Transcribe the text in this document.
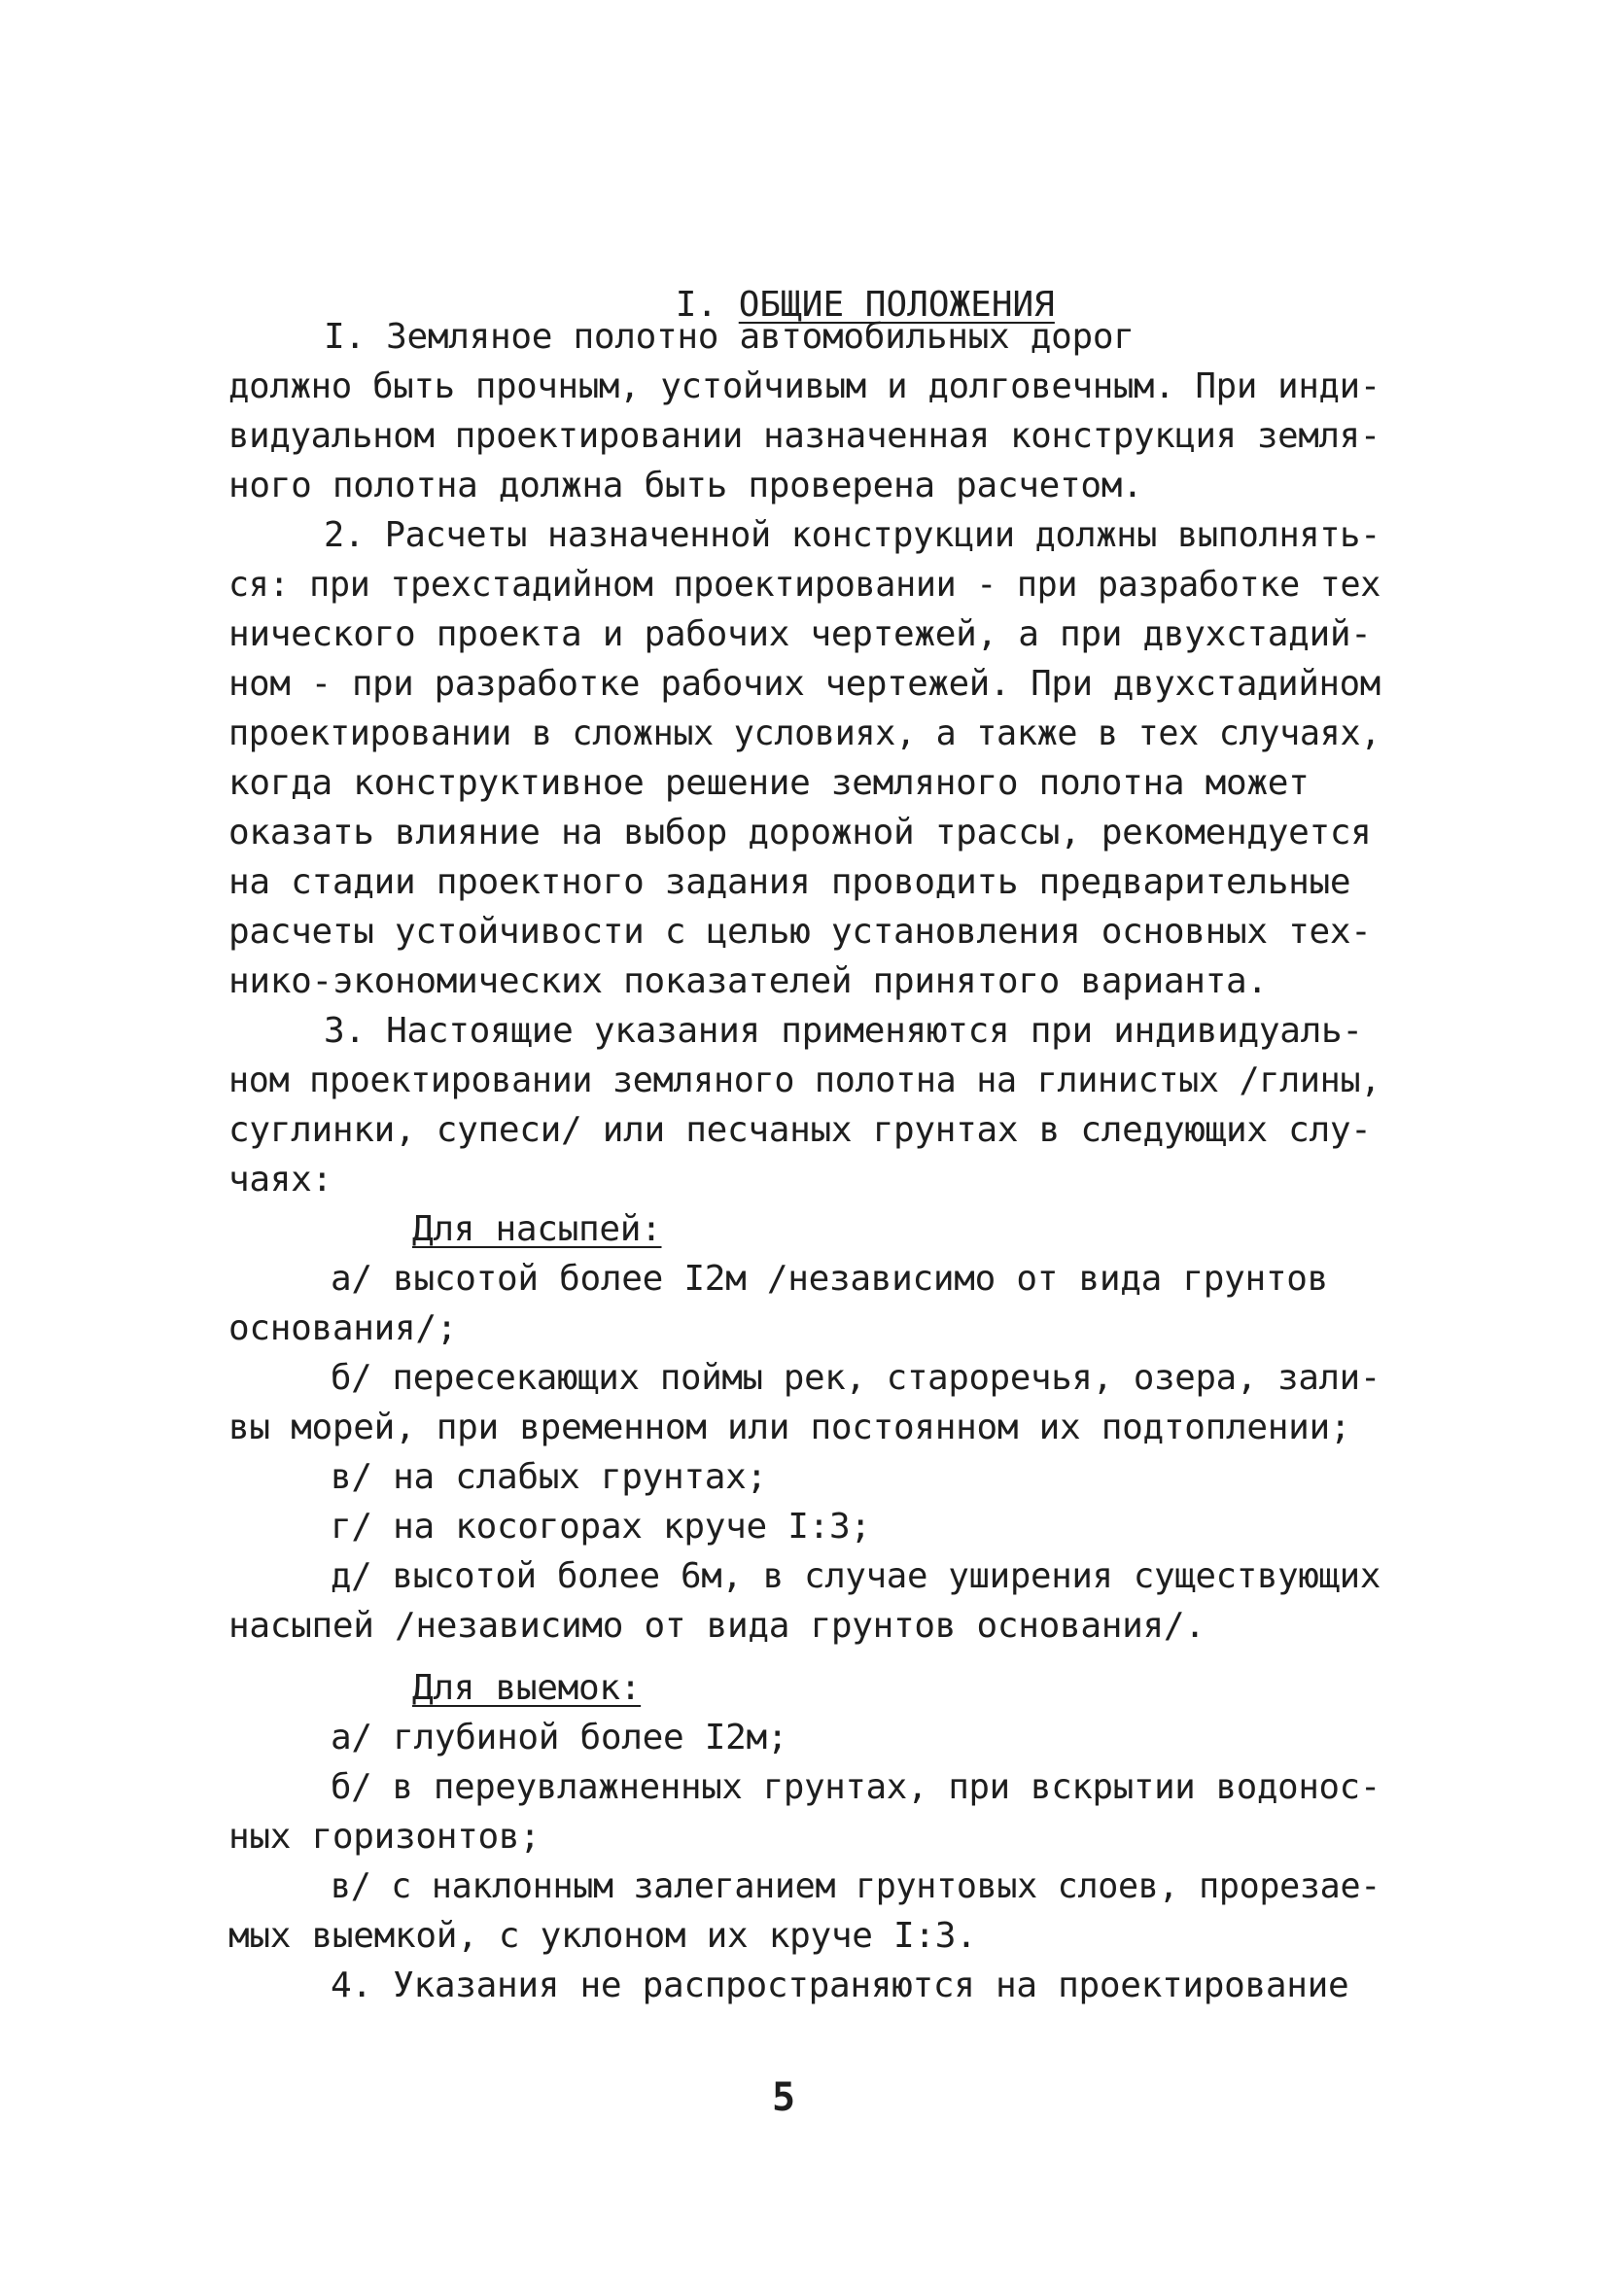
I. ОБЩИЕ ПОЛОЖЕНИЯ

I. Земляное полотно автомобильных дорог
должно быть прочным, устойчивым и долговечным. При инди-
видуальном проектировании назначенная конструкция земля-
ного полотна должна быть проверена расчетом.
2. Расчеты назначенной конструкции должны выполнять-
ся: при трехстадийном проектировании - при разработке тех
нического проекта и рабочих чертежей, а при двухстадий-
ном - при разработке рабочих чертежей. При двухстадийном
проектировании в сложных условиях, а также в тех случаях,
когда конструктивное решение земляного полотна может
оказать влияние на выбор дорожной трассы, рекомендуется
на стадии проектного задания проводить предварительные
расчеты устойчивости с целью установления основных тех-
нико-экономических показателей принятого варианта.
3. Настоящие указания применяются при индивидуаль-
ном проектировании земляного полотна на глинистых /глины,
суглинки, супеси/ или песчаных грунтах в следующих слу-
чаях:
Для насыпей:
а/ высотой более I2м /независимо от вида грунтов
основания/;
б/ пересекающих поймы рек, староречья, озера, зали-
вы морей, при временном или постоянном их подтоплении;
в/ на слабых грунтах;
г/ на косогорах круче I:3;
д/ высотой более 6м, в случае уширения существующих
насыпей /независимо от вида грунтов основания/.
Для выемок:
а/ глубиной более I2м;
б/ в переувлажненных грунтах, при вскрытии водонос-
ных горизонтов;
в/ с наклонным залеганием грунтовых слоев, прорезае-
мых выемкой, с уклоном их круче I:3.
4. Указания не распространяются на проектирование
5
